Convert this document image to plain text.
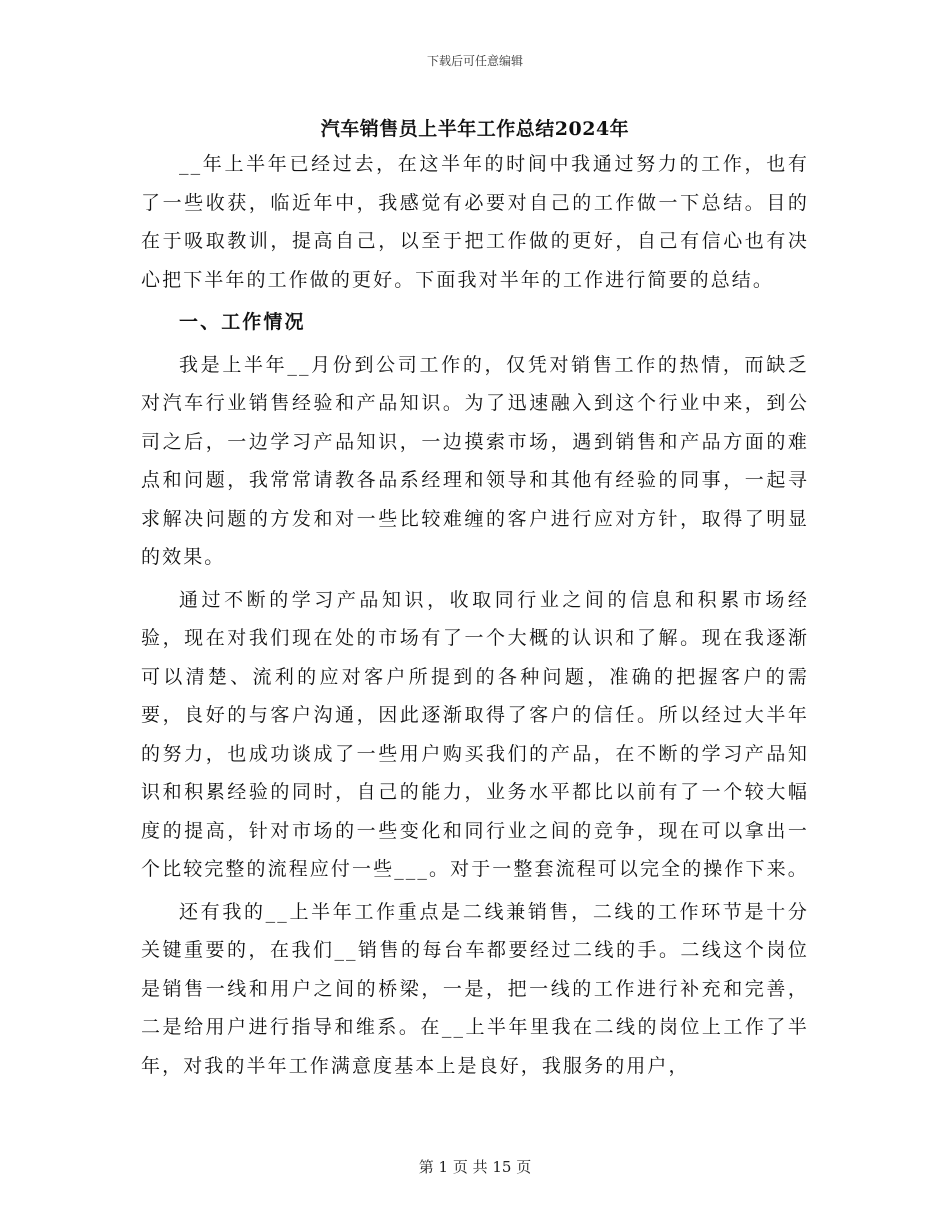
下载后可任意编辑
汽车销售员上半年工作总结2024年

__年上半年已经过去，在这半年的时间中我通过努力的工作，也有了一些收获，临近年中，我感觉有必要对自己的工作做一下总结。目的在于吸取教训，提高自己，以至于把工作做的更好，自己有信心也有决心把下半年的工作做的更好。下面我对半年的工作进行简要的总结。

一、工作情况

我是上半年__月份到公司工作的，仅凭对销售工作的热情，而缺乏对汽车行业销售经验和产品知识。为了迅速融入到这个行业中来，到公司之后，一边学习产品知识，一边摸索市场，遇到销售和产品方面的难点和问题，我常常请教各品系经理和领导和其他有经验的同事，一起寻求解决问题的方发和对一些比较难缠的客户进行应对方针，取得了明显的效果。

通过不断的学习产品知识，收取同行业之间的信息和积累市场经验，现在对我们现在处的市场有了一个大概的认识和了解。现在我逐渐可以清楚、流利的应对客户所提到的各种问题，准确的把握客户的需要，良好的与客户沟通，因此逐渐取得了客户的信任。所以经过大半年的努力，也成功谈成了一些用户购买我们的产品，在不断的学习产品知识和积累经验的同时，自己的能力，业务水平都比以前有了一个较大幅度的提高，针对市场的一些变化和同行业之间的竞争，现在可以拿出一个比较完整的流程应付一些___。对于一整套流程可以完全的操作下来。

还有我的__上半年工作重点是二线兼销售，二线的工作环节是十分关键重要的，在我们__销售的每台车都要经过二线的手。二线这个岗位是销售一线和用户之间的桥梁，一是，把一线的工作进行补充和完善，二是给用户进行指导和维系。在__上半年里我在二线的岗位上工作了半年，对我的半年工作满意度基本上是良好，我服务的用户，

第 1 页 共 15 页
